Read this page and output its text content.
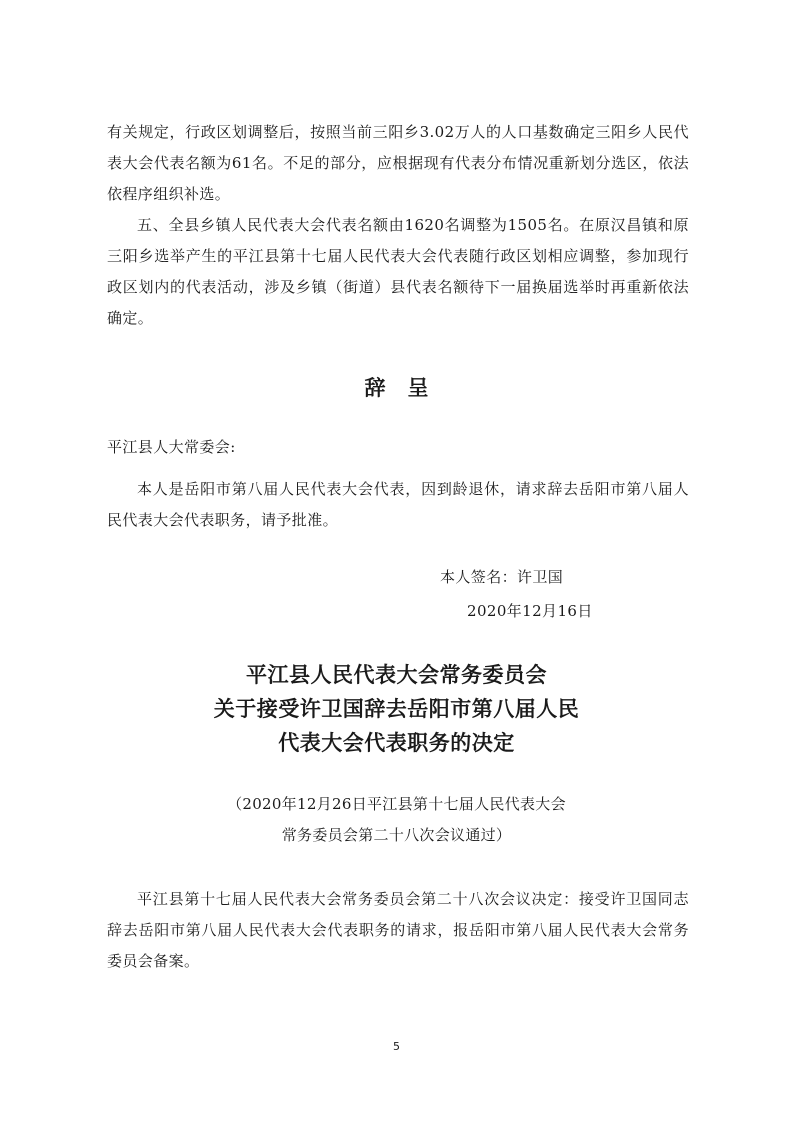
有关规定，行政区划调整后，按照当前三阳乡3.02万人的人口基数确定三阳乡人民代表大会代表名额为61名。不足的部分，应根据现有代表分布情况重新划分选区，依法依程序组织补选。
五、全县乡镇人民代表大会代表名额由1620名调整为1505名。在原汉昌镇和原三阳乡选举产生的平江县第十七届人民代表大会代表随行政区划相应调整，参加现行政区划内的代表活动，涉及乡镇（街道）县代表名额待下一届换届选举时再重新依法确定。
辞呈
平江县人大常委会:
本人是岳阳市第八届人民代表大会代表，因到龄退休，请求辞去岳阳市第八届人民代表大会代表职务，请予批准。
本人签名：许卫国
2020年12月16日
平江县人民代表大会常务委员会
关于接受许卫国辞去岳阳市第八届人民
代表大会代表职务的决定
（2020年12月26日平江县第十七届人民代表大会
常务委员会第二十八次会议通过）
平江县第十七届人民代表大会常务委员会第二十八次会议决定：接受许卫国同志辞去岳阳市第八届人民代表大会代表职务的请求，报岳阳市第八届人民代表大会常务委员会备案。
5
